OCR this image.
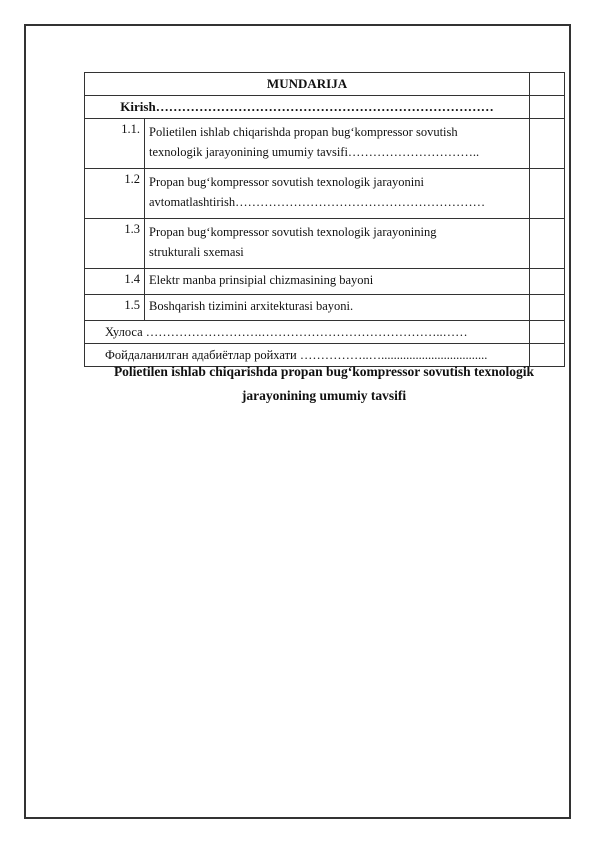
MUNDARIJA		
Kirish……………………………………………………………………		
1.1.	Polietilen ishlab chiqarishda propan bug‘kompressor sovutish
texnologik jarayonining umumiy tavsifi…………………………..	

1.2	Propan bug‘kompressor sovutish texnologik jarayonini
avtomatlashtirish……………………………………………………	

1.3	Propan bug‘kompressor sovutish texnologik jarayonining
strukturali sxemasi	

1.4	Elektr manba prinsipial chizmasining bayoni	
1.5	Boshqarish tizimini arxitekturasi bayoni.	
Хулоса ……………………….……………………………………..……		
Фойдаланилган адабиётлар ройхати ……………..…..................................		
Polietilen ishlab chiqarishda propan bug‘kompressor sovutish texnologik
jarayonining umumiy tavsifi
